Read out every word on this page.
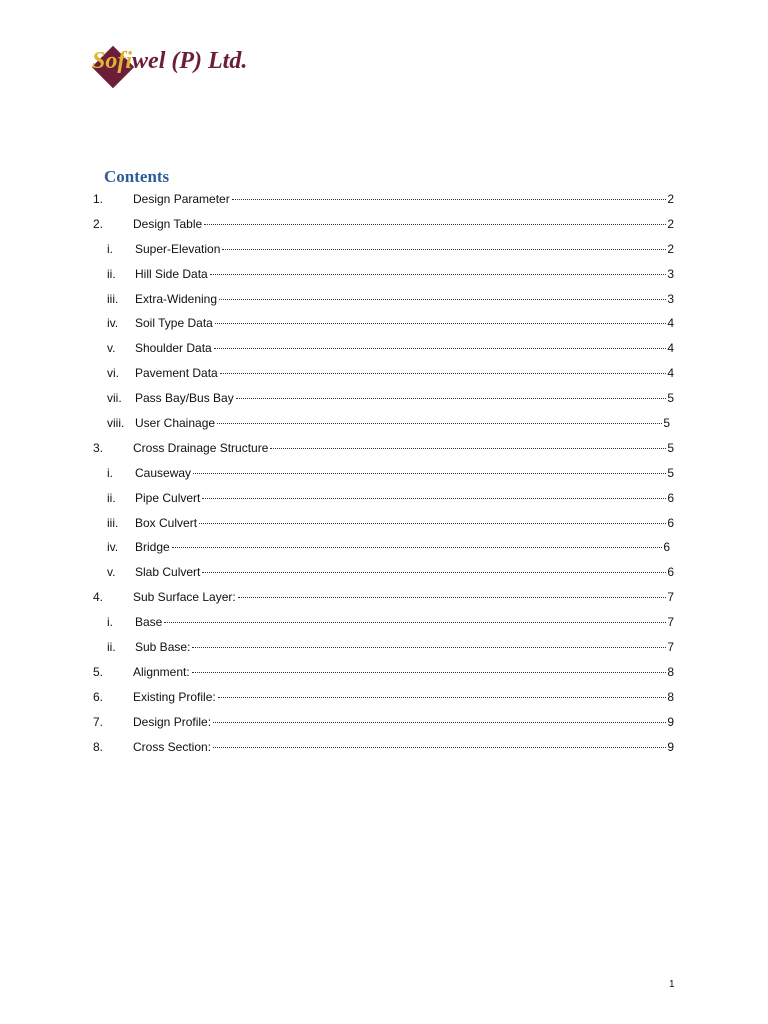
Sofiwel (P) Ltd.
Contents
1. Design Parameter	2
2. Design Table	2
i. Super-Elevation	2
ii. Hill Side Data	3
iii. Extra-Widening	3
iv. Soil Type Data	4
v. Shoulder Data	4
vi. Pavement Data	4
vii. Pass Bay/Bus Bay	5
viii. User Chainage	5
3. Cross Drainage Structure	5
i. Causeway	5
ii. Pipe Culvert	6
iii. Box Culvert	6
iv. Bridge	6
v. Slab Culvert	6
4. Sub Surface Layer:	7
i. Base	7
ii. Sub Base:	7
5. Alignment:	8
6. Existing Profile:	8
7. Design Profile:	9
8. Cross Section:	9
1
